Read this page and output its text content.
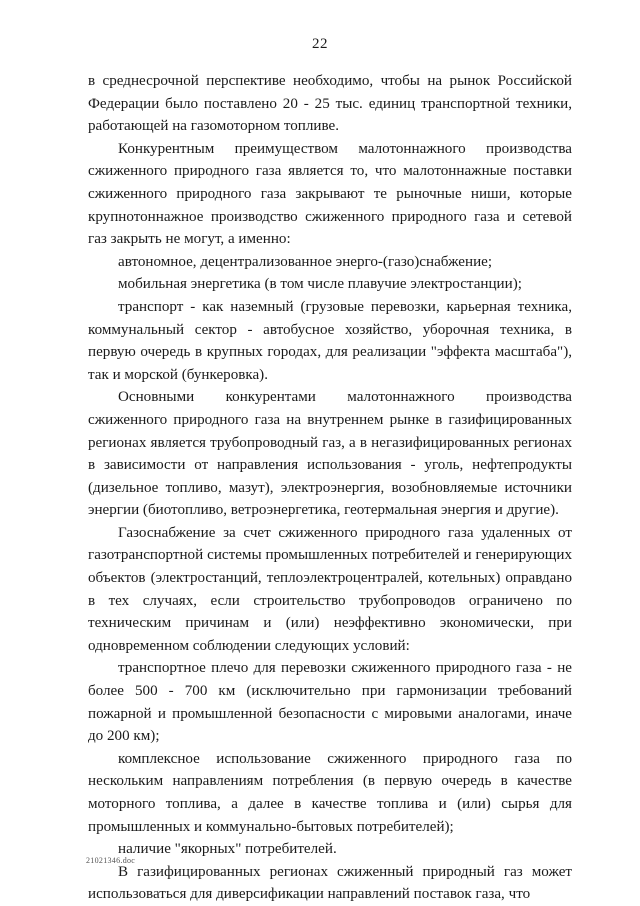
22

в среднесрочной перспективе необходимо, чтобы на рынок Российской Федерации было поставлено 20 - 25 тыс. единиц транспортной техники, работающей на газомоторном топливе.

Конкурентным преимуществом малотоннажного производства сжиженного природного газа является то, что малотоннажные поставки сжиженного природного газа закрывают те рыночные ниши, которые крупнотоннажное производство сжиженного природного газа и сетевой газ закрыть не могут, а именно:

автономное, децентрализованное энерго-(газо)снабжение;

мобильная энергетика (в том числе плавучие электростанции);

транспорт - как наземный (грузовые перевозки, карьерная техника, коммунальный сектор - автобусное хозяйство, уборочная техника, в первую очередь в крупных городах, для реализации "эффекта масштаба"), так и морской (бункеровка).

Основными конкурентами малотоннажного производства сжиженного природного газа на внутреннем рынке в газифицированных регионах является трубопроводный газ, а в негазифицированных регионах в зависимости от направления использования - уголь, нефтепродукты (дизельное топливо, мазут), электроэнергия, возобновляемые источники энергии (биотопливо, ветроэнергетика, геотермальная энергия и другие).

Газоснабжение за счет сжиженного природного газа удаленных от газотранспортной системы промышленных потребителей и генерирующих объектов (электростанций, теплоэлектроцентралей, котельных) оправдано в тех случаях, если строительство трубопроводов ограничено по техническим причинам и (или) неэффективно экономически, при одновременном соблюдении следующих условий:

транспортное плечо для перевозки сжиженного природного газа - не более 500 - 700 км (исключительно при гармонизации требований пожарной и промышленной безопасности с мировыми аналогами, иначе до 200 км);

комплексное использование сжиженного природного газа по нескольким направлениям потребления (в первую очередь в качестве моторного топлива, а далее в качестве топлива и (или) сырья для промышленных и коммунально-бытовых потребителей);

наличие "якорных" потребителей.

В газифицированных регионах сжиженный природный газ может использоваться для диверсификации направлений поставок газа, что

21021346.doc
